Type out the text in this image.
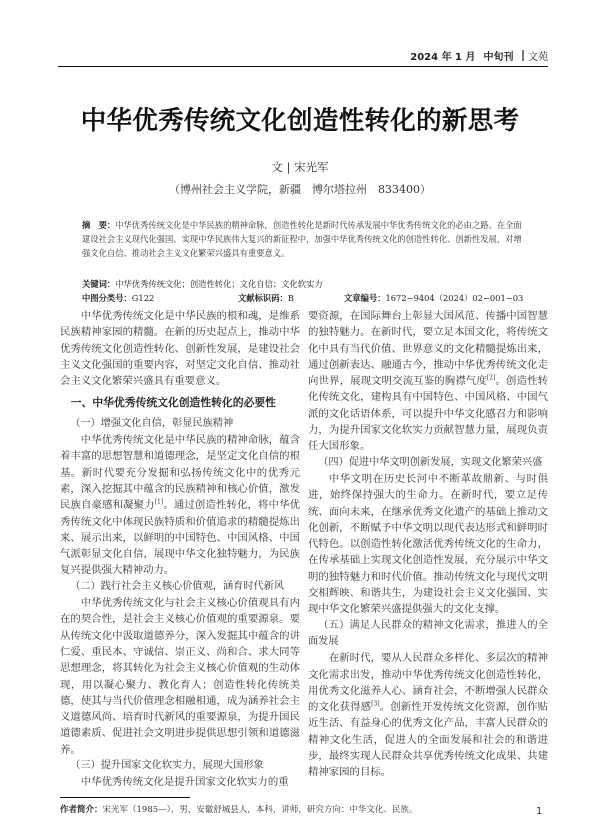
2024 年 1 月 中旬刊 文苑
中华优秀传统文化创造性转化的新思考
文 | 宋光军
（博州社会主义学院，新疆　博尔塔拉州　833400）
摘　要：中华优秀传统文化是中华民族的精神命脉，创造性转化是新时代传承发展中华优秀传统文化的必由之路。在全面建设社会主义现代化强国、实现中华民族伟大复兴的新征程中，加强中华优秀传统文化的创造性转化、创新性发展，对增强文化自信、推动社会主义文化繁荣兴盛具有重要意义。
关键词：中华优秀传统文化；创造性转化；文化自信；文化软实力
中图分类号：G122	文献标识码：B	文章编号：1672−9404（2024）02−001−03

中华优秀传统文化是中华民族的根和魂，是维系民族精神家园的精髓。在新的历史起点上，推动中华优秀传统文化创造性转化、创新性发展，是建设社会主义文化强国的重要内容，对坚定文化自信、推动社会主义文化繁荣兴盛具有重要意义。

一、中华优秀传统文化创造性转化的必要性
（一）增强文化自信，彰显民族精神

中华优秀传统文化是中华民族的精神命脉，蕴含着丰富的思想智慧和道德理念，是坚定文化自信的根基。新时代要充分发掘和弘扬传统文化中的优秀元素，深入挖掘其中蕴含的民族精神和核心价值，激发民族自豪感和凝聚力[1]。通过创造性转化，将中华优秀传统文化中体现民族特质和价值追求的精髓提炼出来、展示出来，以鲜明的中国特色、中国风格、中国气派彰显文化自信，展现中华文化独特魅力，为民族复兴提供强大精神动力。

（二）践行社会主义核心价值观，涵育时代新风

中华优秀传统文化与社会主义核心价值观具有内在的契合性，是社会主义核心价值观的重要源泉。要从传统文化中汲取道德养分，深入发掘其中蕴含的讲仁爱、重民本、守诚信、崇正义、尚和合、求大同等思想理念，将其转化为社会主义核心价值观的生动体现，用以凝心聚力、教化育人；创造性转化传统美德，使其与当代价值理念相融相通，成为涵养社会主义道德风尚、培育时代新风的重要源泉，为提升国民道德素质、促进社会文明进步提供思想引领和道德滋养。

（三）提升国家文化软实力，展现大国形象

中华优秀传统文化是提升国家文化软实力的重

要资源，在国际舞台上彰显大国风范、传播中国智慧的独特魅力。在新时代，要立足本国文化，将传统文化中具有当代价值、世界意义的文化精髓提炼出来，通过创新表达、融通古今，推动中华优秀传统文化走向世界，展现文明交流互鉴的胸襟气度[2]。创造性转化传统文化，建构具有中国特色、中国风格、中国气派的文化话语体系，可以提升中华文化感召力和影响力，为提升国家文化软实力贡献智慧力量，展现负责任大国形象。

（四）促进中华文明创新发展，实现文化繁荣兴盛

中华文明在历史长河中不断革故鼎新、与时俱进，始终保持强大的生命力。在新时代，要立足传统、面向未来，在继承优秀文化遗产的基础上推动文化创新，不断赋予中华文明以现代表达形式和鲜明时代特色。以创造性转化激活优秀传统文化的生命力，在传承基础上实现文化创造性发展，充分展示中华文明的独特魅力和时代价值。推动传统文化与现代文明交相辉映、和谐共生，为建设社会主义文化强国、实现中华文化繁荣兴盛提供强大的文化支撑。

（五）满足人民群众的精神文化需求，推进人的全面发展

在新时代，要从人民群众多样化、多层次的精神文化需求出发，推动中华优秀传统文化创造性转化，用优秀文化滋养人心、涵育社会，不断增强人民群众的文化获得感[3]。创新性开发传统文化资源，创作贴近生活、有益身心的优秀文化产品，丰富人民群众的精神文化生活，促进人的全面发展和社会的和谐进步，最终实现人民群众共享优秀传统文化成果、共建精神家园的目标。

作者简介：宋光军（1985—），男，安徽舒城县人，本科，讲师，研究方向：中华文化、民族。	1
